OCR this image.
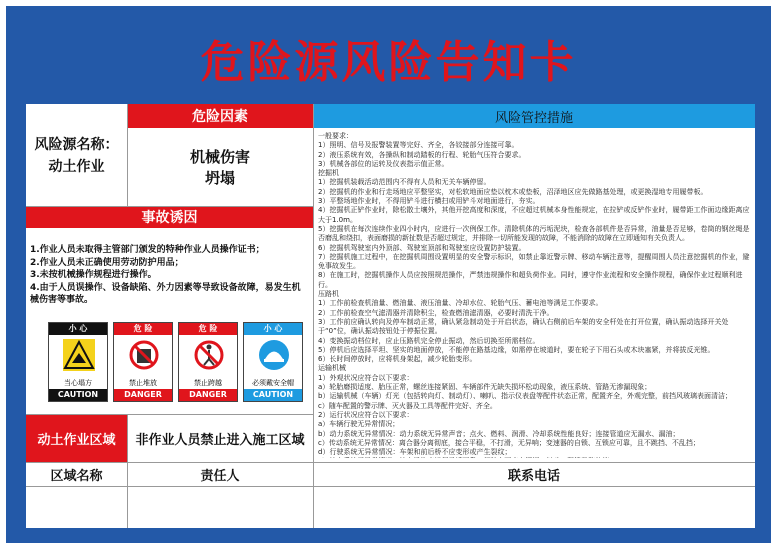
危险源风险告知卡
风险源名称：
动土作业
危险因素
机械伤害
坍塌
风险管控措施
事故诱因
1.作业人员未取得主管部门颁发的特种作业人员操作证书；
2.作业人员未正确使用劳动防护用品；
3.未按机械操作规程进行操作。
4.由于人员误操作、设备缺陷、外力因素等导致设备故障，易发生机械伤害等事故。
小 心
当心塌方
CAUTION
危 险
禁止堆放
DANGER
危 险
禁止跨越
DANGER
小 心
必须戴安全帽
CAUTION
动土作业区域	非作业人员禁止进入施工区域
一般要求：
1）照明、信号及报警装置等完好、齐全，各铰接部分连接可靠。
2）液压系统有效，各操纵和制动踏板的行程、轮胎气压符合要求。
3）机械各部位的运转及仪表指示值正常。
挖掘机
1）挖掘机装载活动范围内不得有人员和无关车辆停留。
2）挖掘机的作业和行走场地应平整坚实，对松软地面应垫以枕木或垫板，沼泽地区应先做路基处理，或更换湿地专用履带板。
3）平整场地作业时，不得用铲斗进行横扫或用铲斗对地面进行，夯实。
4）挖掘机正铲作业时，除松散土壤外，其他开挖高度和深度，不应超过机械本身性能规定，在拉铲或反铲作业时，履带距工作面边缘距离应大于1.0m。
5）挖掘机在每次连续作业四小时内，应进行一次例保工作。清除机体的污垢泥块，检查各部机件是否异常，油量是否足够，卷筒的钢丝绳是否磨乱和绕扣，表面磨损的新扯数是否超过规定，并排除一切所能发现的故障，不能消除的故障在立即通知有关负责人。
6）挖掘机驾驶室内外顶部、驾驶室顶部和驾驶室应设置防护装置。
7）挖掘机施工过程中，在挖掘机周围设置明显的安全警示标识，如禁止靠近警示牌、移动车辆注意等，提醒周围人员注意挖掘机的作业，避免事故发生。
8）在施工时，挖掘机操作人员应按照规范操作，严禁违规操作和超负荷作业。同时，遵守作业流程和安全操作规程，确保作业过程顺利进行。
压路机
1）工作前检查机油量、燃油量、液压油量、冷却水位、轮胎气压、蓄电池等满足工作要求。
2）工作前检查空气滤清器并清除积尘，检查燃油滤清器，必要时清洗干净。
3）工作前应确认转向及停车制动正常，确认紧急制动处于开启状态，确认右侧前后车架的安全杆处在打开位置，确认振动选择开关处于“0”位，确认振动按钮处于停振位置。
4）变换振动档位时，应止压路机完全停止振动，然后切换至所需档位。
5）停机后应选择平坦、坚实的地面停放，不能停在路基边缘，如需停在坡道时，要在轮子下用石头或木块塞紧，并将拔反光锥。
6）长时间停放时，应将机身架起，减少轮胎变形。
运输机械
1）外观状况应符合以下要求：
a）轮胎磨损适度、胎压正常，螺丝连接紧固、车辆部件无缺失损坏松动现象，液压系统、管路无渗漏现象；
b）运输机械（车辆）灯光（包括转向灯、制动灯）、喇叭、指示仪表盘等配件状态正常，配置齐全，外观完整，前挡风玻璃表面清洁；
c）随车配置的警示牌、灭火器及工具等配件完好、齐全。
2）运行状况应符合以下要求：
a）车辆行驶无异常情况；
b）动力系统无异常情况：动力系统无异常声音；点火、燃料、润滑、冷却系统性能良好；连接管道应无漏水、漏油；
c）传动系统无异常情况：离合器分离彻底，接合平稳，不打滑，无异响；变速器的自锁、互锁应可靠，且不跳挡、不乱挡；
d）行驶系统无异常情况：车架和前后桥不应变形或产生裂纹；
区域名称	责任人	联系电话
